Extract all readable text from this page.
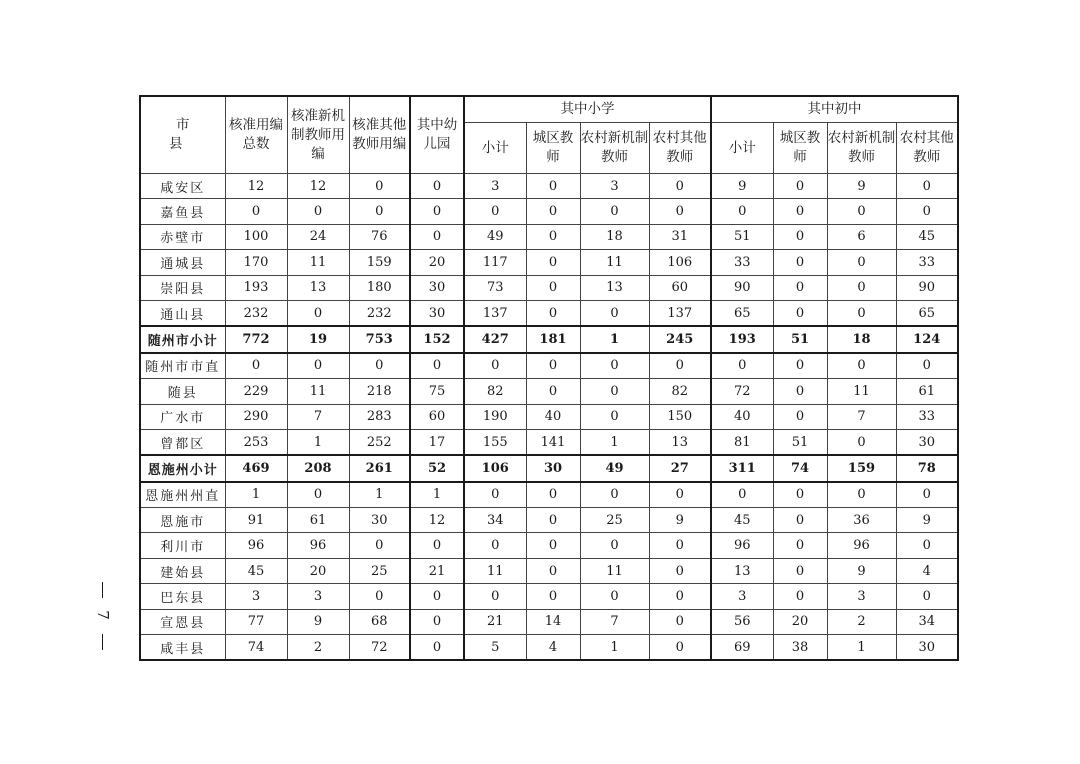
市　县	核准用编总数	核准新机制教师用编	核准其他教师用编	其中幼儿园	其中小学				其中初中			
					小计	城区教师	农村新机制教师	农村其他教师	小计	城区教师	农村新机制教师	农村其他教师
咸安区	12	12	0	0	3	0	3	0	9	0	9	0
嘉鱼县	0	0	0	0	0	0	0	0	0	0	0	0
赤壁市	100	24	76	0	49	0	18	31	51	0	6	45
通城县	170	11	159	20	117	0	11	106	33	0	0	33
崇阳县	193	13	180	30	73	0	13	60	90	0	0	90
通山县	232	0	232	30	137	0	0	137	65	0	0	65
随州市小计	772	19	753	152	427	181	1	245	193	51	18	124
随州市市直	0	0	0	0	0	0	0	0	0	0	0	0
随县	229	11	218	75	82	0	0	82	72	0	11	61
广水市	290	7	283	60	190	40	0	150	40	0	7	33
曾都区	253	1	252	17	155	141	1	13	81	51	0	30
恩施州小计	469	208	261	52	106	30	49	27	311	74	159	78
恩施州州直	1	0	1	1	0	0	0	0	0	0	0	0
恩施市	91	61	30	12	34	0	25	9	45	0	36	9
利川市	96	96	0	0	0	0	0	0	96	0	96	0
建始县	45	20	25	21	11	0	11	0	13	0	9	4
巴东县	3	3	0	0	0	0	0	0	3	0	3	0
宣恩县	77	9	68	0	21	14	7	0	56	20	2	34
咸丰县	74	2	72	0	5	4	1	0	69	38	1	30
7
